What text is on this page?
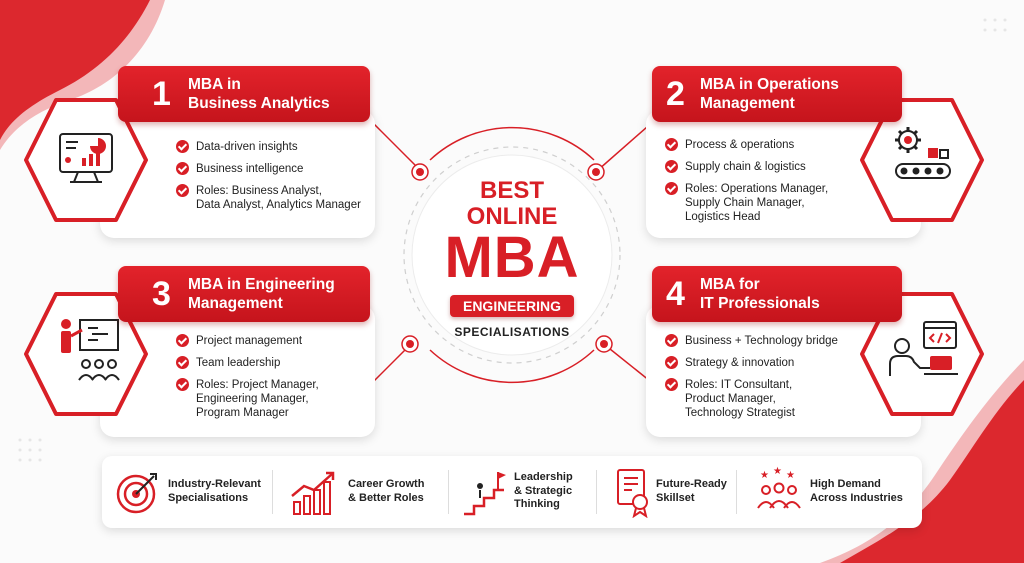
BEST
ONLINE
MBA
ENGINEERING
SPECIALISATIONS
1 MBA in
Business Analytics
Data-driven insights
Business intelligence
Roles: Business Analyst,
Data Analyst, Analytics Manager
2 MBA in Operations
Management
Process & operations
Supply chain & logistics
Roles: Operations Manager,
Supply Chain Manager,
Logistics Head
3 MBA in Engineering
Management
Project management
Team leadership
Roles: Project Manager,
Engineering Manager,
Program Manager
4 MBA for
IT Professionals
Business + Technology bridge
Strategy & innovation
Roles: IT Consultant,
Product Manager,
Technology Strategist
Industry-Relevant
Specialisations
Career Growth
& Better Roles
Leadership
& Strategic
Thinking
Future-Ready
Skillset
★ ★ ★
High Demand
Across Industries
